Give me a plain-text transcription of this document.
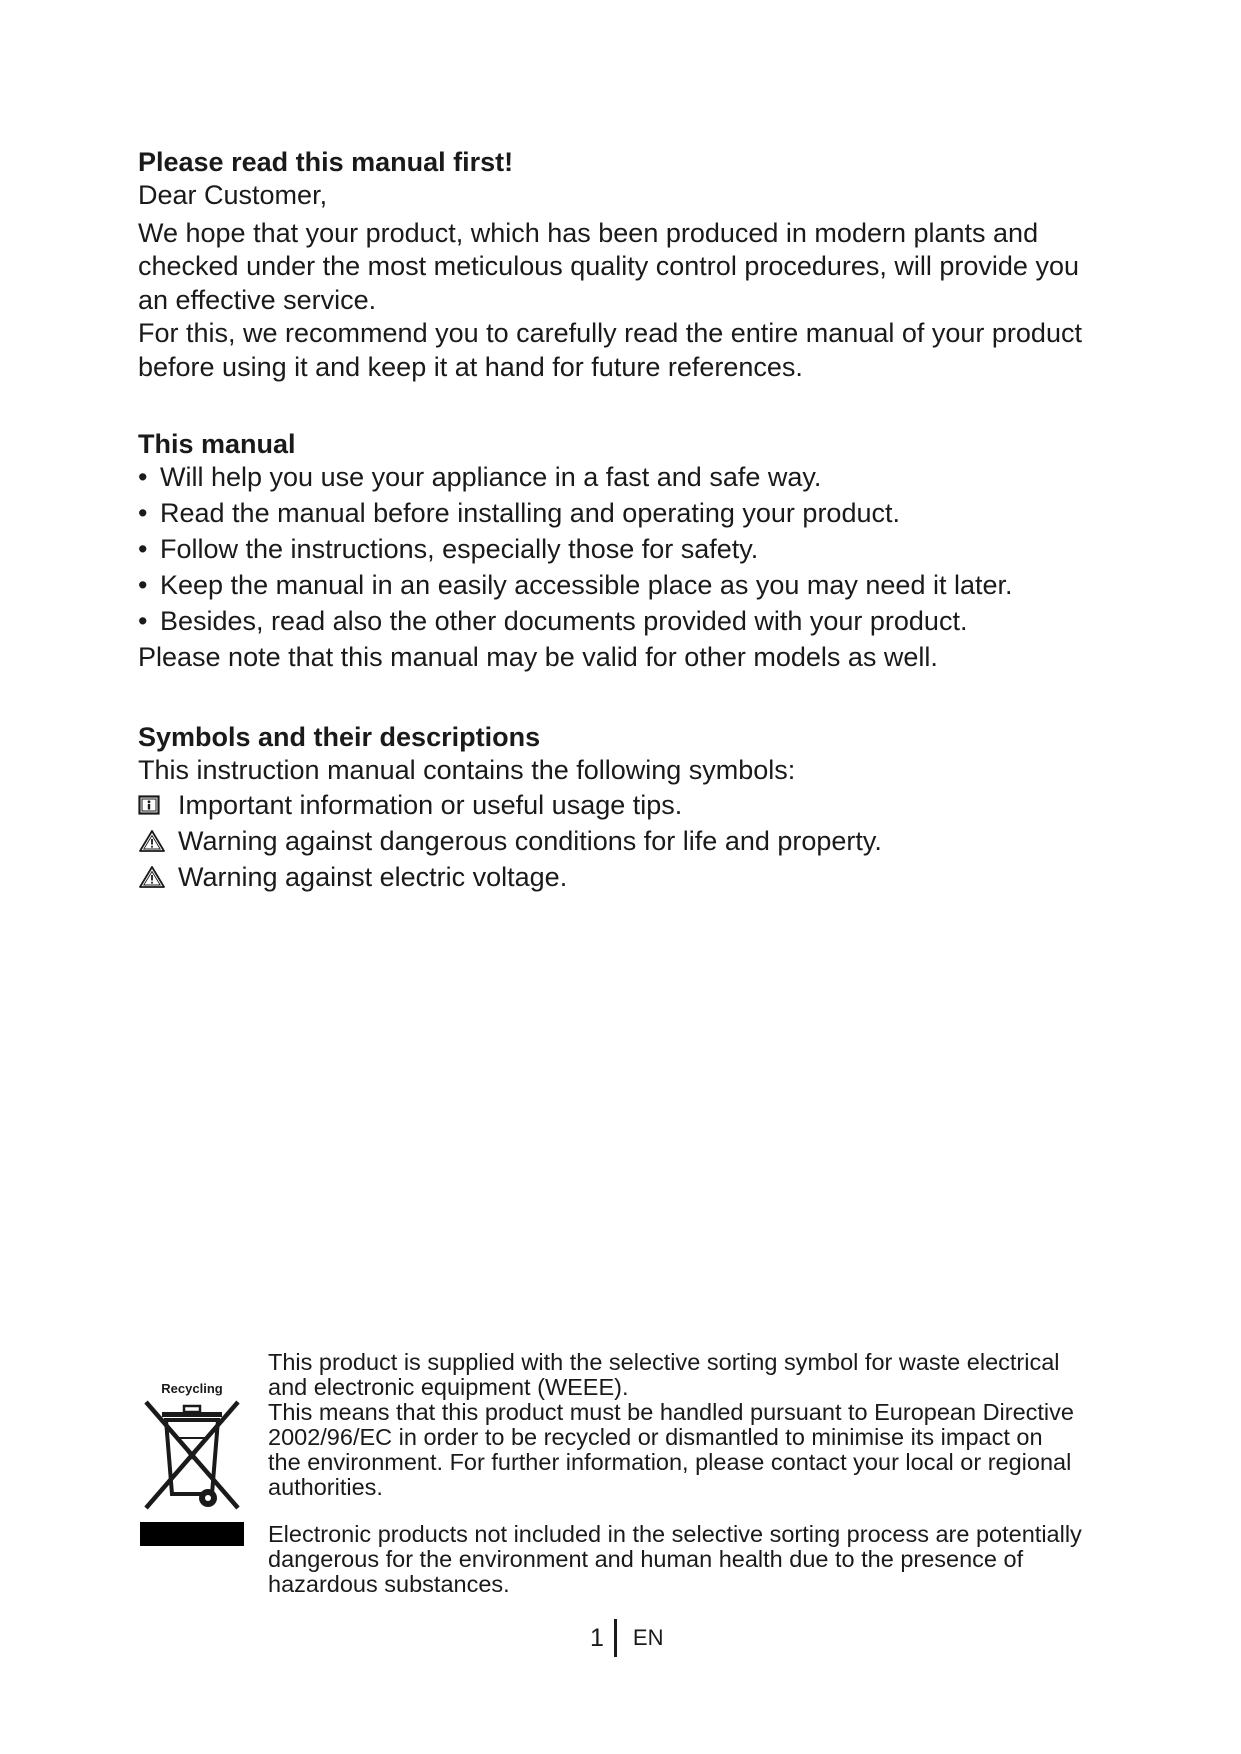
Please read this manual first!

Dear Customer,

We hope that your product, which has been produced in modern plants and
checked under the most meticulous quality control procedures, will provide you
an effective service.
For this, we recommend you to carefully read the entire manual of your product
before using it and keep it at hand for future references.
This manual
• Will help you use your appliance in a fast and safe way.
• Read the manual before installing and operating your product.
• Follow the instructions, especially those for safety.
• Keep the manual in an easily accessible place as you may need it later.
• Besides, read also the other documents provided with your product.

Please note that this manual may be valid for other models as well.

Symbols and their descriptions

This instruction manual contains the following symbols:

Important information or useful usage tips.
Warning against dangerous conditions for life and property.
Warning against electric voltage.
Recycling
This product is supplied with the selective sorting symbol for waste electrical
and electronic equipment (WEEE).
This means that this product must be handled pursuant to European Directive
2002/96/EC in order to be recycled or dismantled to minimise its impact on
the environment. For further information, please contact your local or regional
authorities.
Electronic products not included in the selective sorting process are potentially
dangerous for the environment and human health due to the presence of
hazardous substances.
1 EN
